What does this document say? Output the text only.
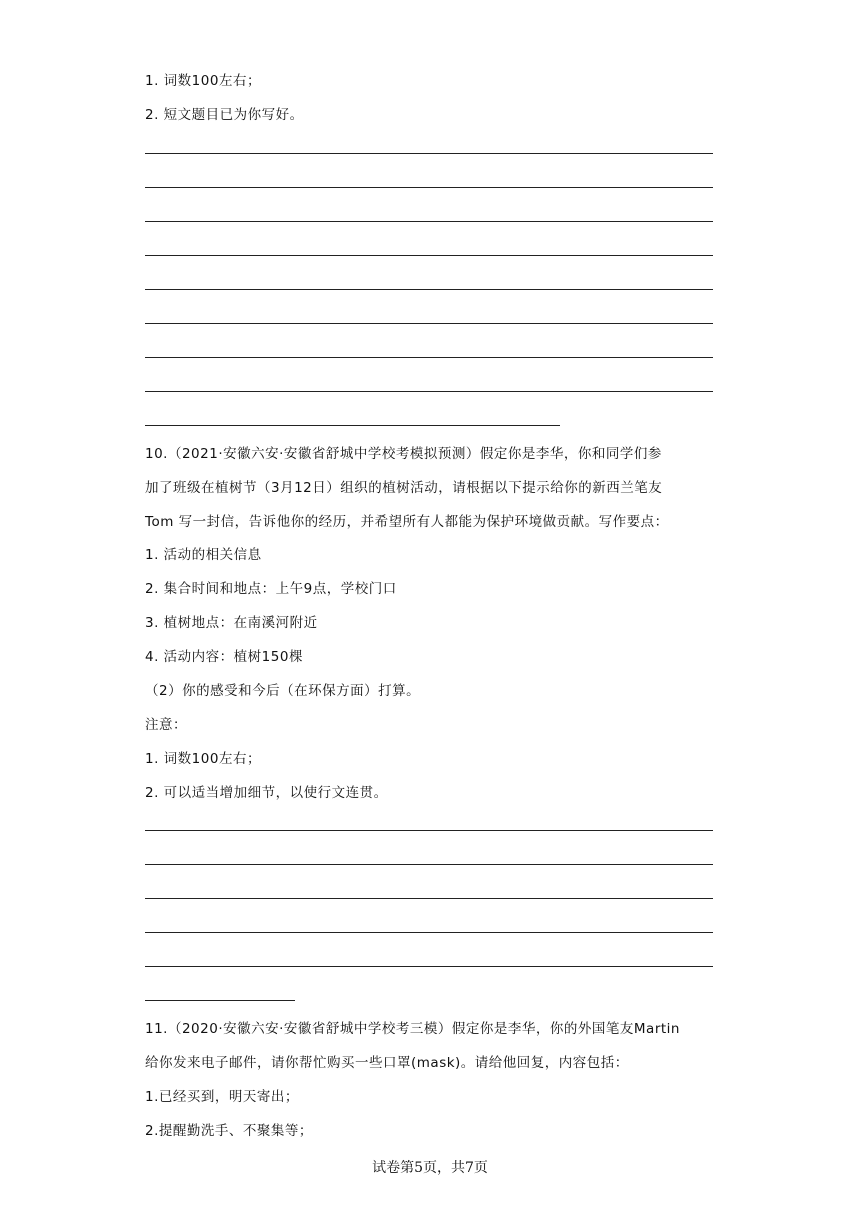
1. 词数100左右；
2. 短文题目已为你写好。
10.（2021·安徽六安·安徽省舒城中学校考模拟预测）假定你是李华，你和同学们参
加了班级在植树节（3月12日）组织的植树活动，请根据以下提示给你的新西兰笔友
Tom 写一封信，告诉他你的经历，并希望所有人都能为保护环境做贡献。写作要点：
1. 活动的相关信息
2. 集合时间和地点：上午9点，学校门口
3. 植树地点：在南溪河附近
4. 活动内容：植树150棵
（2）你的感受和今后（在环保方面）打算。
注意：
1. 词数100左右；
2. 可以适当增加细节，以使行文连贯。
11.（2020·安徽六安·安徽省舒城中学校考三模）假定你是李华，你的外国笔友Martin
给你发来电子邮件，请你帮忙购买一些口罩(mask)。请给他回复，内容包括：
1.已经买到，明天寄出；
2.提醒勤洗手、不聚集等；
试卷第5页，共7页
